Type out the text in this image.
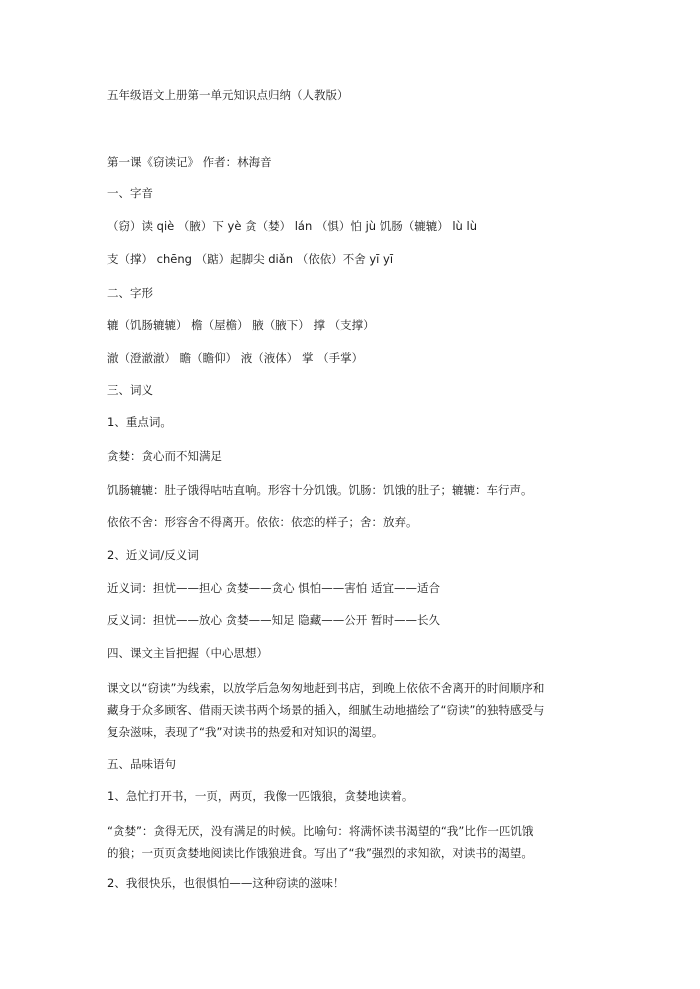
五年级语文上册第一单元知识点归纳（人教版）
第一课《窃读记》 作者：林海音
一、字音
（窃）读 qiè （腋）下 yè 贪（婪） lán （惧）怕 jù 饥肠（辘辘） lù lù
支（撑） chēng （踮）起脚尖 diǎn （依依）不舍 yī yī
二、字形
辘（饥肠辘辘） 檐（屋檐） 腋（腋下） 撑 （支撑）
澈（澄澈澈） 瞻（瞻仰） 液（液体） 掌 （手掌）
三、词义
1、重点词。
贪婪：贪心而不知满足
饥肠辘辘：肚子饿得咕咕直响。形容十分饥饿。饥肠：饥饿的肚子；辘辘：车行声。
依依不舍：形容舍不得离开。依依：依恋的样子；舍：放弃。
2、近义词/反义词
近义词：担忧——担心 贪婪——贪心 惧怕——害怕 适宜——适合
反义词：担忧——放心 贪婪——知足 隐藏——公开 暂时——长久
四、课文主旨把握（中心思想）
课文以“窃读”为线索，以放学后急匆匆地赶到书店，到晚上依依不舍离开的时间顺序和
藏身于众多顾客、借雨天读书两个场景的插入，细腻生动地描绘了“窃读”的独特感受与
复杂滋味，表现了“我”对读书的热爱和对知识的渴望。
五、品味语句
1、急忙打开书，一页，两页，我像一匹饿狼，贪婪地读着。
“贪婪”：贪得无厌，没有满足的时候。比喻句：将满怀读书渴望的“我”比作一匹饥饿
的狼；一页页贪婪地阅读比作饿狼进食。写出了“我”强烈的求知欲，对读书的渴望。
2、我很快乐，也很惧怕——这种窃读的滋味！
